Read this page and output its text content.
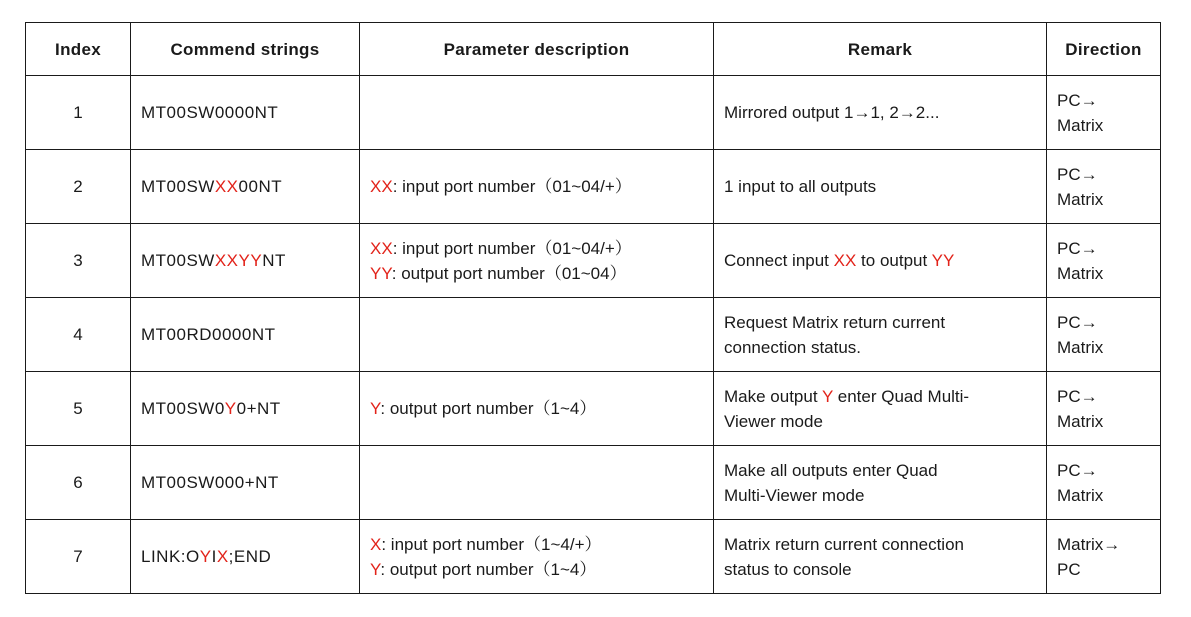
Index	Commend strings	Parameter description	Remark	Direction
1	MT00SW0000NT		Mirrored output 1→1, 2→2...	PC→
Matrix

2	MT00SWXX00NT	XX: input port number（01~04/+）	1 input to all outputs	PC→
Matrix

3	MT00SWXXYYNT	XX: input port number（01~04/+）
YY: output port number（01~04）	Connect input XX to output YY	PC→
Matrix

4	MT00RD0000NT		Request Matrix return current
connection status.	PC→
Matrix

5	MT00SW0Y0+NT	Y: output port number（1~4）	Make output Y enter Quad Multi-
Viewer mode	PC→
Matrix

6	MT00SW000+NT		Make all outputs enter Quad
Multi-Viewer mode	PC→
Matrix

7	LINK:OYIX;END	X: input port number（1~4/+）
Y: output port number（1~4）	Matrix return current connection
status to console	Matrix→
PC
